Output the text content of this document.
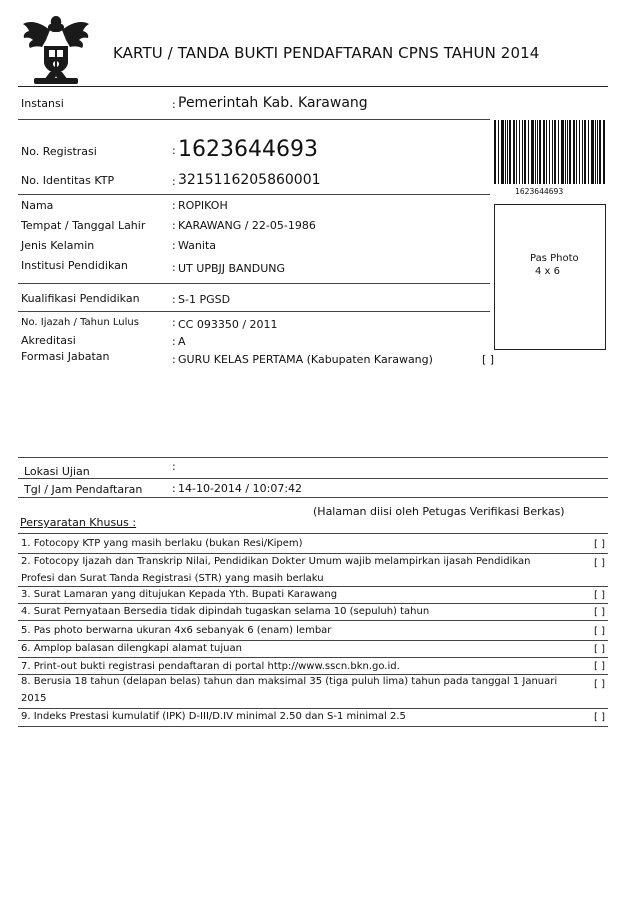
KARTU / TANDA BUKTI PENDAFTARAN CPNS TAHUN 2014
Instansi	: Pemerintah Kab. Karawang
No. Registrasi	: 1623644693
1623644693
No. Identitas KTP	: 3215116205860001
Nama	: ROPIKOH
Tempat / Tanggal Lahir : KARAWANG / 22-05-1986
Jenis Kelamin	: Wanita
Institusi Pendidikan	: UT UPBJJ BANDUNG
Pas Photo
4 x 6
Kualifikasi Pendidikan	: S-1 PGSD
No. Ijazah / Tahun Lulus	: CC 093350 / 2011
Akreditasi	: A
Formasi Jabatan	: GURU KELAS PERTAMA (Kabupaten Karawang)	[ ]
Lokasi Ujian	:
Tgl / Jam Pendaftaran	: 14-10-2014 / 10:07:42
(Halaman diisi oleh Petugas Verifikasi Berkas)
Persyaratan Khusus :
1. Fotocopy KTP yang masih berlaku (bukan Resi/Kipem)	[ ]
2. Fotocopy Ijazah dan Transkrip Nilai, Pendidikan Dokter Umum wajib melampirkan ijasah Pendidikan
Profesi dan Surat Tanda Registrasi (STR) yang masih berlaku
[ ]
3. Surat Lamaran yang ditujukan Kepada Yth. Bupati Karawang	[ ]
4. Surat Pernyataan Bersedia tidak dipindah tugaskan selama 10 (sepuluh) tahun	[ ]
5. Pas photo berwarna ukuran 4x6 sebanyak 6 (enam) lembar	[ ]
6. Amplop balasan dilengkapi alamat tujuan	[ ]
7. Print-out bukti registrasi pendaftaran di portal http://www.sscn.bkn.go.id.	[ ]
8. Berusia 18 tahun (delapan belas) tahun dan maksimal 35 (tiga puluh lima) tahun pada tanggal 1 Januari
2015
[ ]
9. Indeks Prestasi kumulatif (IPK) D-III/D.IV minimal 2.50 dan S-1 minimal 2.5	[ ]
